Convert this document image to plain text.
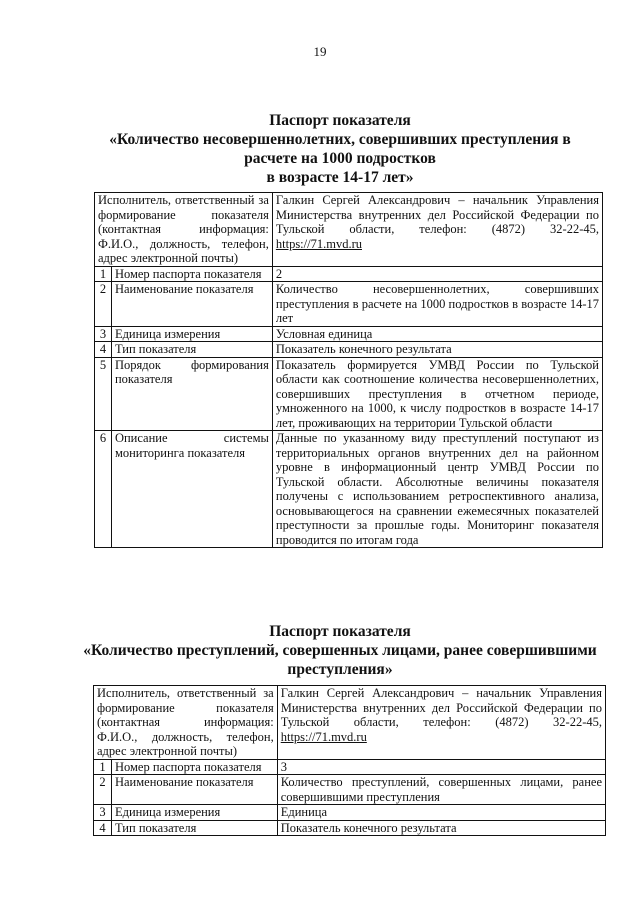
19
Паспорт показателя
«Количество несовершеннолетних, совершивших преступления в
расчете на 1000 подростков
в возрасте 14-17 лет»
Исполнитель, ответственный за формирование показателя (контактная информация: Ф.И.О., должность, телефон, адрес электронной почты)		Галкин Сергей Александрович – начальник Управления Министерства внутренних дел Российской Федерации по Тульской области, телефон: (4872) 32-22-45, https://71.mvd.ru
1	Номер паспорта показателя	2
2	Наименование показателя	Количество несовершеннолетних, совершивших преступления в расчете на 1000 подростков в возрасте 14-17 лет
3	Единица измерения	Условная единица
4	Тип показателя	Показатель конечного результата
5	Порядок формирования показателя	Показатель формируется УМВД России по Тульской области как соотношение количества несовершеннолетних, совершивших преступления в отчетном периоде, умноженного на 1000, к числу подростков в возрасте 14-17 лет, проживающих на территории Тульской области
6	Описание системы мониторинга показателя	Данные по указанному виду преступлений поступают из территориальных органов внутренних дел на районном уровне в информационный центр УМВД России по Тульской области. Абсолютные величины показателя получены с использованием ретроспективного анализа, основывающегося на сравнении ежемесячных показателей преступности за прошлые годы. Мониторинг показателя проводится по итогам года
Паспорт показателя
«Количество преступлений, совершенных лицами, ранее совершившими
преступления»
Исполнитель, ответственный за формирование показателя (контактная информация: Ф.И.О., должность, телефон, адрес электронной почты)		Галкин Сергей Александрович – начальник Управления Министерства внутренних дел Российской Федерации по Тульской области, телефон: (4872) 32-22-45, https://71.mvd.ru
1	Номер паспорта показателя	3
2	Наименование показателя	Количество преступлений, совершенных лицами, ранее совершившими преступления
3	Единица измерения	Единица
4	Тип показателя	Показатель конечного результата
